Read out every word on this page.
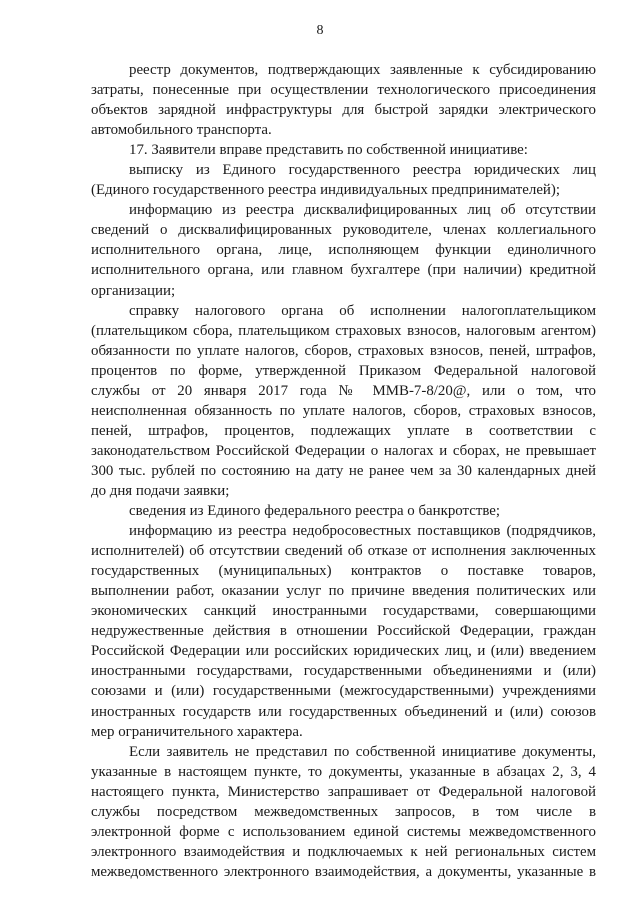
8
реестр документов, подтверждающих заявленные к субсидированию
затраты, понесенные при осуществлении технологического присоединения
объектов зарядной инфраструктуры для быстрой зарядки электрического
автомобильного транспорта.
17. Заявители вправе представить по собственной инициативе:
выписку из Единого государственного реестра юридических лиц
(Единого государственного реестра индивидуальных предпринимателей);
информацию из реестра дисквалифицированных лиц об отсутствии
сведений о дисквалифицированных руководителе, членах коллегиального
исполнительного органа, лице, исполняющем функции единоличного
исполнительного органа, или главном бухгалтере (при наличии) кредитной
организации;
справку налогового органа об исполнении налогоплательщиком
(плательщиком сбора, плательщиком страховых взносов, налоговым агентом)
обязанности по уплате налогов, сборов, страховых взносов, пеней, штрафов,
процентов по форме, утвержденной Приказом Федеральной налоговой
службы от 20 января 2017 года № ММВ-7-8/20@, или о том, что
неисполненная обязанность по уплате налогов, сборов, страховых взносов,
пеней, штрафов, процентов, подлежащих уплате в соответствии с
законодательством Российской Федерации о налогах и сборах, не превышает
300 тыс. рублей по состоянию на дату не ранее чем за 30 календарных дней
до дня подачи заявки;
сведения из Единого федерального реестра о банкротстве;
информацию из реестра недобросовестных поставщиков (подрядчиков,
исполнителей) об отсутствии сведений об отказе от исполнения заключенных
государственных (муниципальных) контрактов о поставке товаров,
выполнении работ, оказании услуг по причине введения политических или
экономических санкций иностранными государствами, совершающими
недружественные действия в отношении Российской Федерации, граждан
Российской Федерации или российских юридических лиц, и (или) введением
иностранными государствами, государственными объединениями и (или)
союзами и (или) государственными (межгосударственными) учреждениями
иностранных государств или государственных объединений и (или) союзов
мер ограничительного характера.
Если заявитель не представил по собственной инициативе документы,
указанные в настоящем пункте, то документы, указанные в абзацах 2, 3, 4
настоящего пункта, Министерство запрашивает от Федеральной налоговой
службы посредством межведомственных запросов, в том числе в
электронной форме с использованием единой системы межведомственного
электронного взаимодействия и подключаемых к ней региональных систем
межведомственного электронного взаимодействия, а документы, указанные в
